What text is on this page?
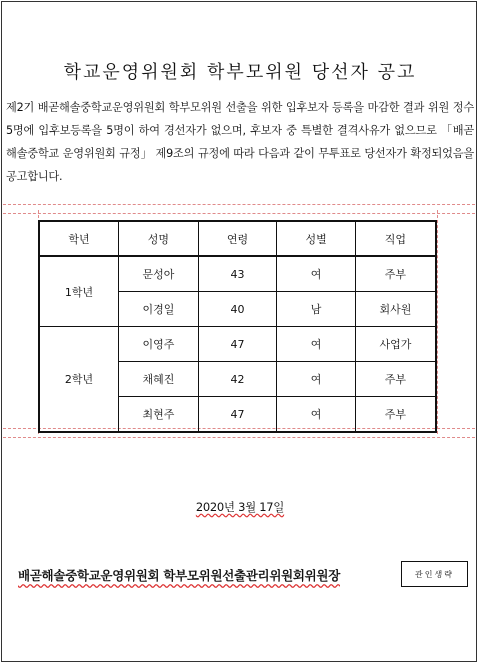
학교운영위원회 학부모위원 당선자 공고
제2기 배곧해솔중학교운영위원회 학부모위원 선출을 위한 입후보자 등록을 마감한 결과 위원 정수 5명에 입후보등록을 5명이 하여 경선자가 없으며, 후보자 중 특별한 결격사유가 없으므로 「배곧해솔중학교 운영위원회 규정」 제9조의 규정에 따라 다음과 같이 무투표로 당선자가 확정되었음을 공고합니다.
학년	성명	연령	성별	직업
1학년	문성아	43	여	주부
	이경일	40	남	회사원
2학년	이영주	47	여	사업가
	채혜진	42	여	주부
	최현주	47	여	주부
2020년 3월 17일
배곧해솔중학교운영위원회 학부모위원선출관리위원회위원장	관인생략
